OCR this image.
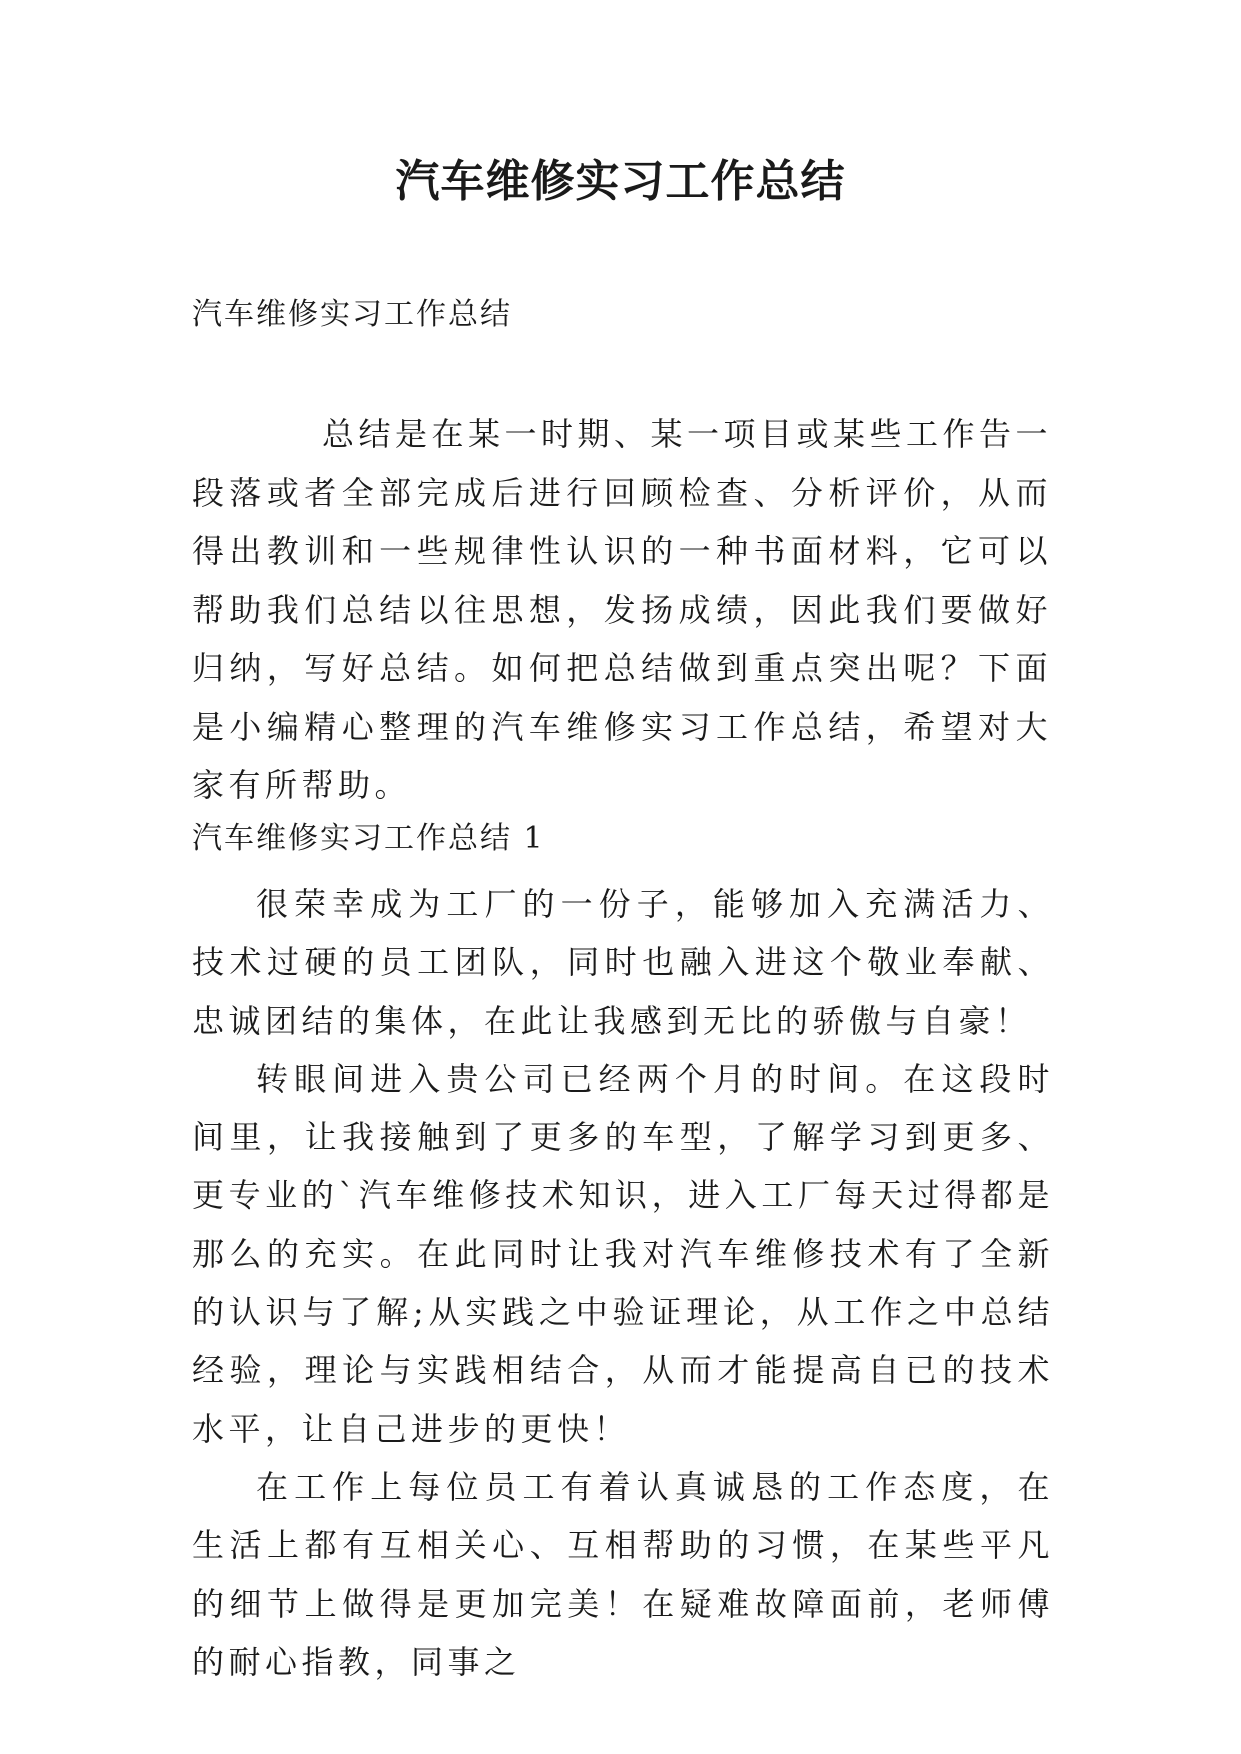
汽车维修实习工作总结

汽车维修实习工作总结

总结是在某一时期、某一项目或某些工作告一段落或者全部完成后进行回顾检查、分析评价，从而得出教训和一些规律性认识的一种书面材料，它可以帮助我们总结以往思想，发扬成绩，因此我们要做好归纳，写好总结。如何把总结做到重点突出呢？下面是小编精心整理的汽车维修实习工作总结，希望对大家有所帮助。

汽车维修实习工作总结 1

很荣幸成为工厂的一份子，能够加入充满活力、技术过硬的员工团队，同时也融入进这个敬业奉献、忠诚团结的集体，在此让我感到无比的骄傲与自豪！

转眼间进入贵公司已经两个月的时间。在这段时间里，让我接触到了更多的车型，了解学习到更多、更专业的`汽车维修技术知识，进入工厂每天过得都是那么的充实。在此同时让我对汽车维修技术有了全新的认识与了解;从实践之中验证理论，从工作之中总结经验，理论与实践相结合，从而才能提高自已的技术水平，让自己进步的更快！

在工作上每位员工有着认真诚恳的工作态度，在生活上都有互相关心、互相帮助的习惯，在某些平凡的细节上做得是更加完美！在疑难故障面前，老师傅的耐心指教，同事之
